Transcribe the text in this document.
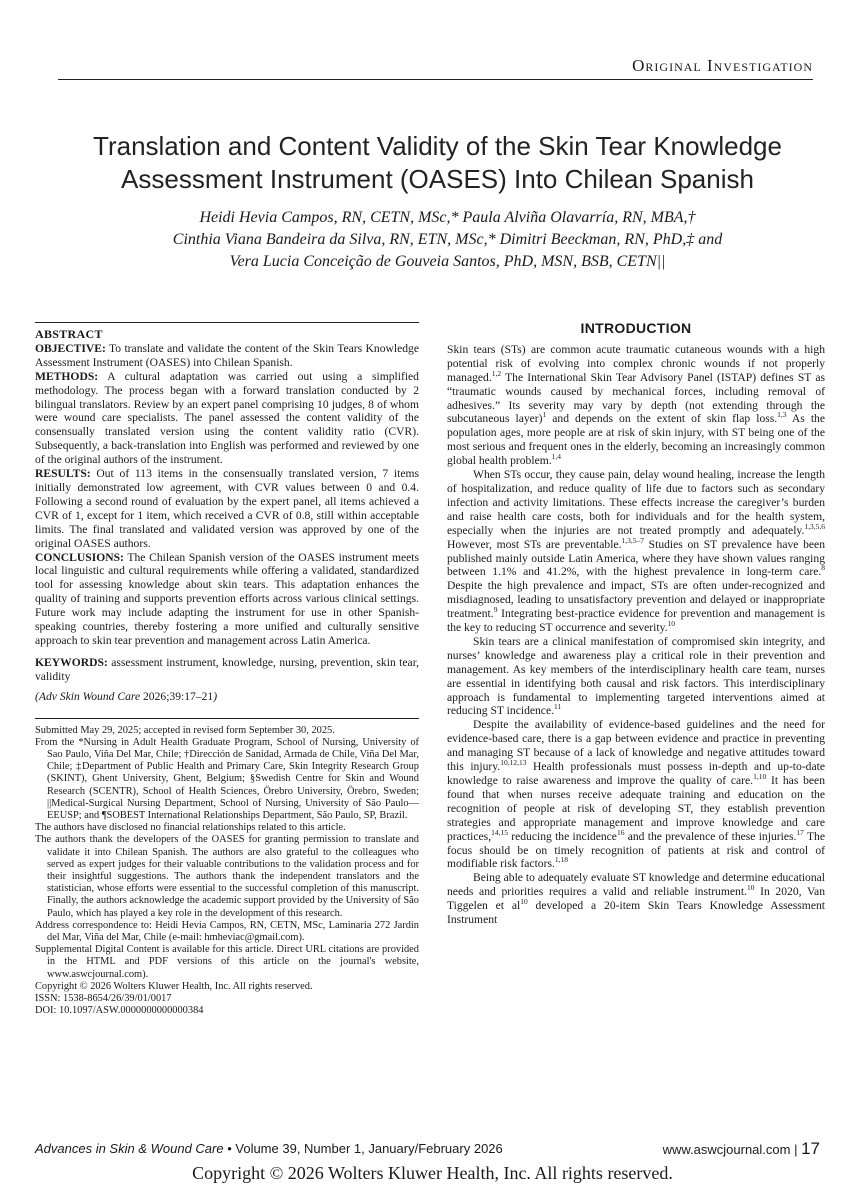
Original Investigation
Translation and Content Validity of the Skin Tear Knowledge Assessment Instrument (OASES) Into Chilean Spanish
Heidi Hevia Campos, RN, CETN, MSc,* Paula Alviña Olavarría, RN, MBA,†
Cinthia Viana Bandeira da Silva, RN, ETN, MSc,* Dimitri Beeckman, RN, PhD,‡ and
Vera Lucia Conceição de Gouveia Santos, PhD, MSN, BSB, CETN||
ABSTRACT

OBJECTIVE: To translate and validate the content of the Skin Tears Knowledge Assessment Instrument (OASES) into Chilean Spanish.

METHODS: A cultural adaptation was carried out using a simplified methodology. The process began with a forward translation conducted by 2 bilingual translators. Review by an expert panel comprising 10 judges, 8 of whom were wound care specialists. The panel assessed the content validity of the consensually translated version using the content validity ratio (CVR). Subsequently, a back-translation into English was performed and reviewed by one of the original authors of the instrument.

RESULTS: Out of 113 items in the consensually translated version, 7 items initially demonstrated low agreement, with CVR values between 0 and 0.4. Following a second round of evaluation by the expert panel, all items achieved a CVR of 1, except for 1 item, which received a CVR of 0.8, still within acceptable limits. The final translated and validated version was approved by one of the original OASES authors.

CONCLUSIONS: The Chilean Spanish version of the OASES instrument meets local linguistic and cultural requirements while offering a validated, standardized tool for assessing knowledge about skin tears. This adaptation enhances the quality of training and supports prevention efforts across various clinical settings. Future work may include adapting the instrument for use in other Spanish-speaking countries, thereby fostering a more unified and culturally sensitive approach to skin tear prevention and management across Latin America.

KEYWORDS: assessment instrument, knowledge, nursing, prevention, skin tear, validity

(Adv Skin Wound Care 2026;39:17–21)

Submitted May 29, 2025; accepted in revised form September 30, 2025.

From the *Nursing in Adult Health Graduate Program, School of Nursing, University of Sao Paulo, Viña Del Mar, Chile; †Dirección de Sanidad, Armada de Chile, Viña Del Mar, Chile; ‡Department of Public Health and Primary Care, Skin Integrity Research Group (SKINT), Ghent University, Ghent, Belgium; §Swedish Centre for Skin and Wound Research (SCENTR), School of Health Sciences, Örebro University, Örebro, Sweden; ||Medical-Surgical Nursing Department, School of Nursing, University of São Paulo—EEUSP; and ¶SOBEST International Relationships Department, São Paulo, SP, Brazil.

The authors have disclosed no financial relationships related to this article.

The authors thank the developers of the OASES for granting permission to translate and validate it into Chilean Spanish. The authors are also grateful to the colleagues who served as expert judges for their valuable contributions to the validation process and for their insightful suggestions. The authors thank the independent translators and the statistician, whose efforts were essential to the successful completion of this manuscript. Finally, the authors acknowledge the academic support provided by the University of São Paulo, which has played a key role in the development of this research.

Address correspondence to: Heidi Hevia Campos, RN, CETN, MSc, Laminaria 272 Jardín del Mar, Viña del Mar, Chile (e-mail: hmheviac@gmail.com).

Supplemental Digital Content is available for this article. Direct URL citations are provided in the HTML and PDF versions of this article on the journal's website, www.aswcjournal.com).

Copyright © 2026 Wolters Kluwer Health, Inc. All rights reserved.

ISSN: 1538-8654/26/39/01/0017

DOI: 10.1097/ASW.0000000000000384

INTRODUCTION

Skin tears (STs) are common acute traumatic cutaneous wounds with a high potential risk of evolving into complex chronic wounds if not properly managed.$^{1,2}$ The International Skin Tear Advisory Panel (ISTAP) defines ST as “traumatic wounds caused by mechanical forces, including removal of adhesives.” Its severity may vary by depth (not extending through the subcutaneous layer)$^1$ and depends on the extent of skin flap loss.$^{1,3}$ As the population ages, more people are at risk of skin injury, with ST being one of the most serious and frequent ones in the elderly, becoming an increasingly common global health problem.$^{1,4}$

When STs occur, they cause pain, delay wound healing, increase the length of hospitalization, and reduce quality of life due to factors such as secondary infection and activity limitations. These effects increase the caregiver’s burden and raise health care costs, both for individuals and for the health system, especially when the injuries are not treated promptly and adequately.$^{1,3,5,6}$ However, most STs are preventable.$^{1,3,5-7}$ Studies on ST prevalence have been published mainly outside Latin America, where they have shown values ranging between 1.1% and 41.2%, with the highest prevalence in long-term care.$^8$ Despite the high prevalence and impact, STs are often under-recognized and misdiagnosed, leading to unsatisfactory prevention and delayed or inappropriate treatment.$^9$ Integrating best-practice evidence for prevention and management is the key to reducing ST occurrence and severity.$^{10}$

Skin tears are a clinical manifestation of compromised skin integrity, and nurses’ knowledge and awareness play a critical role in their prevention and management. As key members of the interdisciplinary health care team, nurses are essential in identifying both causal and risk factors. This interdisciplinary approach is fundamental to implementing targeted interventions aimed at reducing ST incidence.$^{11}$

Despite the availability of evidence-based guidelines and the need for evidence-based care, there is a gap between evidence and practice in preventing and managing ST because of a lack of knowledge and negative attitudes toward this injury.$^{10,12,13}$ Health professionals must possess in-depth and up-to-date knowledge to raise awareness and improve the quality of care.$^{1,10}$ It has been found that when nurses receive adequate training and education on the recognition of people at risk of developing ST, they establish prevention strategies and appropriate management and improve knowledge and care practices,$^{14,15}$ reducing the incidence$^{16}$ and the prevalence of these injuries.$^{17}$ The focus should be on timely recognition of patients at risk and control of modifiable risk factors.$^{1,18}$

Being able to adequately evaluate ST knowledge and determine educational needs and priorities requires a valid and reliable instrument.$^{10}$ In 2020, Van Tiggelen et $al^{10}$ developed a 20-item Skin Tears Knowledge Assessment Instrument

Advances in Skin & Wound Care • Volume 39, Number 1, January/February 2026	www.aswcjournal.com | 17
Copyright © 2026 Wolters Kluwer Health, Inc. All rights reserved.
